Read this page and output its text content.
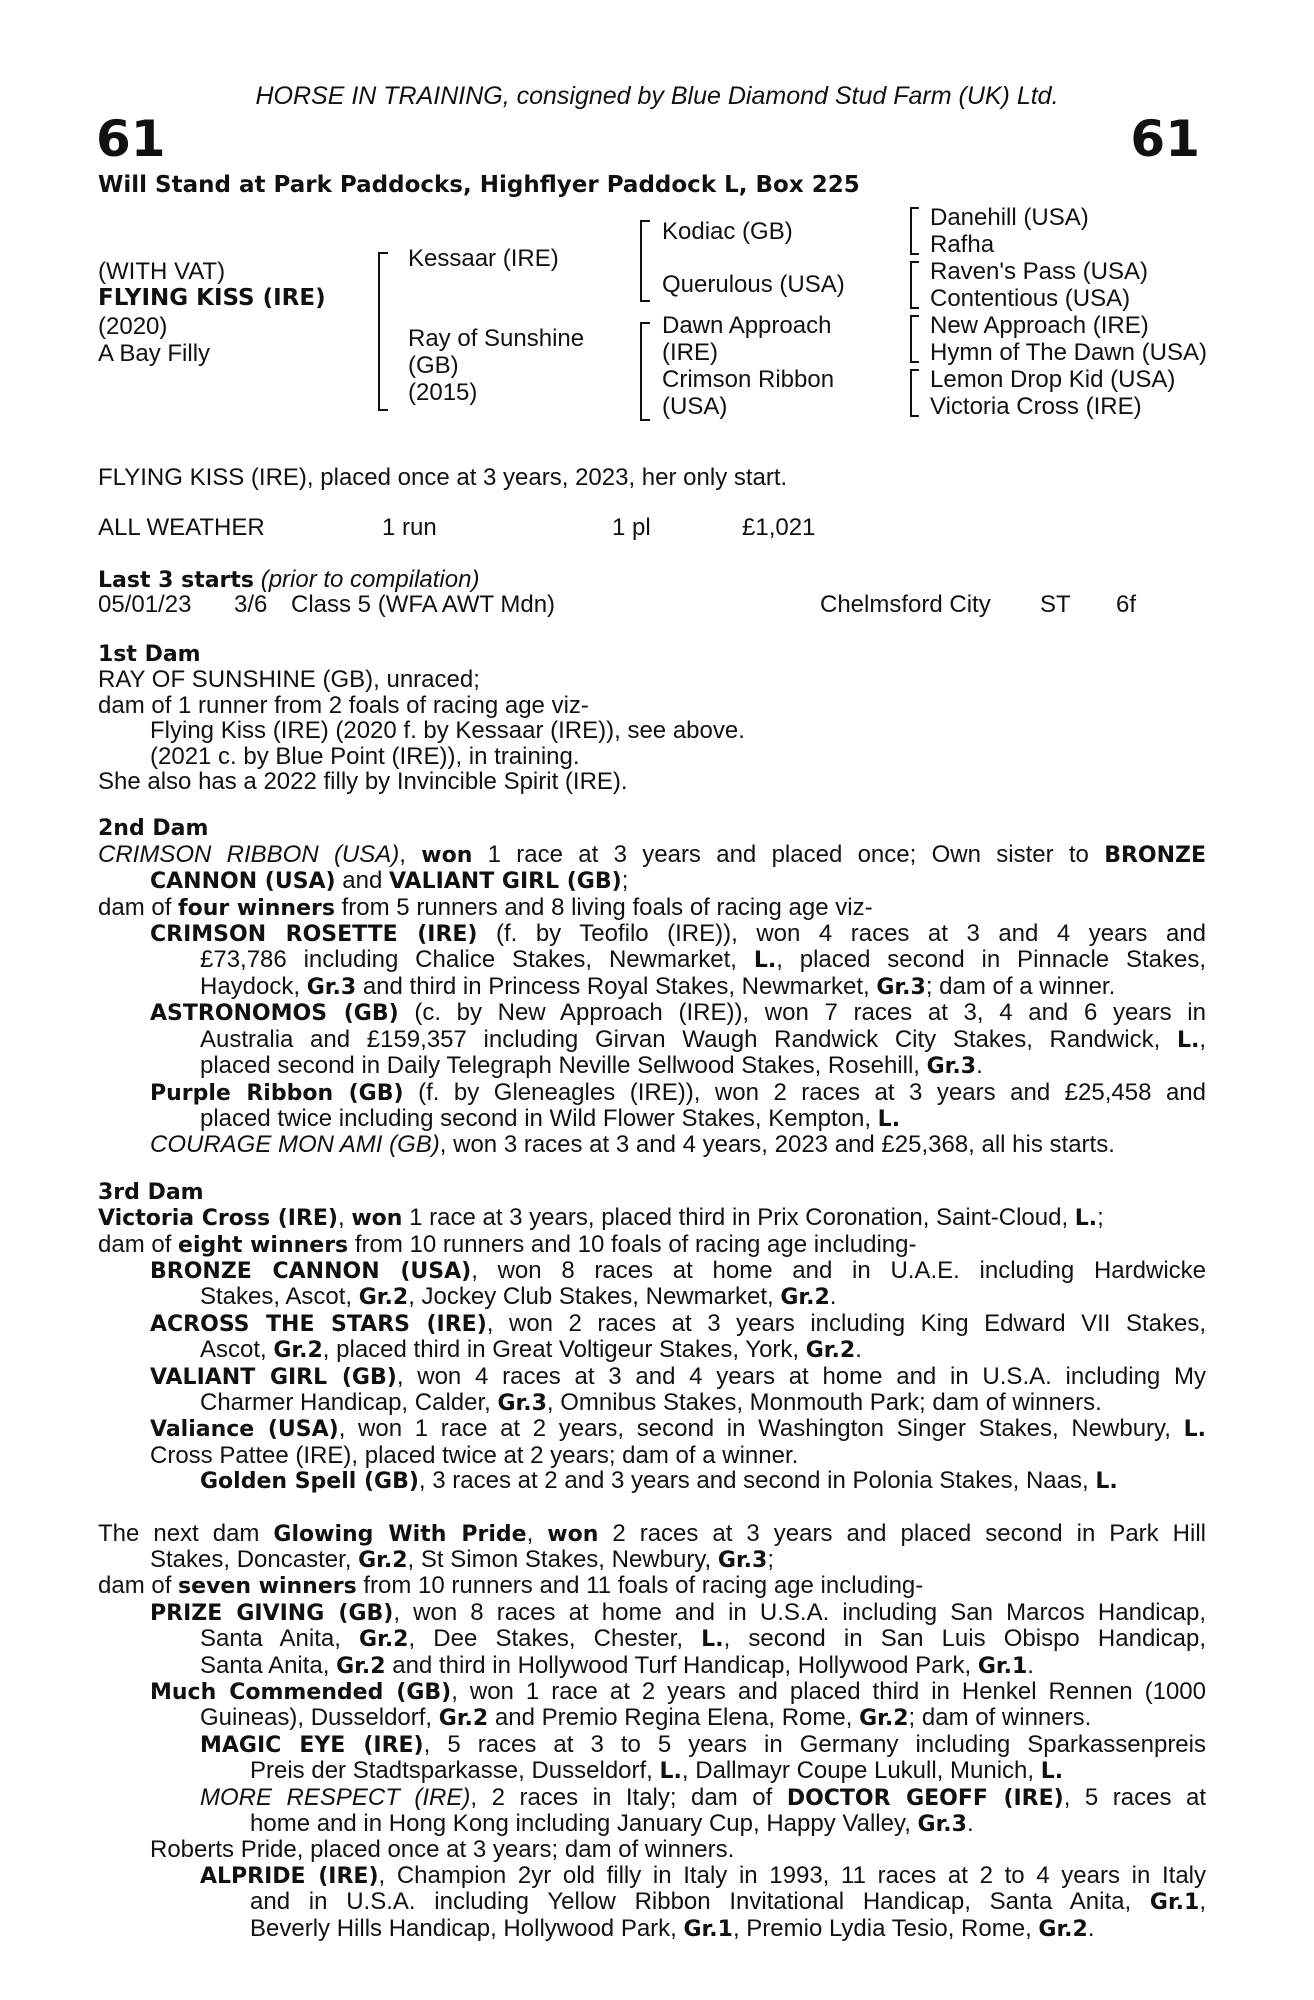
HORSE IN TRAINING, consigned by Blue Diamond Stud Farm (UK) Ltd.
61	61
Will Stand at Park Paddocks, Highflyer Paddock L, Box 225
(WITH VAT)
FLYING KISS (IRE)
(2020)
A Bay Filly
Kessaar (IRE)
Ray of Sunshine
(GB)
(2015)
Kodiac (GB)
Querulous (USA)
Dawn Approach
(IRE)
Crimson Ribbon
(USA)
Danehill (USA)
Rafha
Raven's Pass (USA)
Contentious (USA)
New Approach (IRE)
Hymn of The Dawn (USA)
Lemon Drop Kid (USA)
Victoria Cross (IRE)
FLYING KISS (IRE), placed once at 3 years, 2023, her only start.
ALL WEATHER	1 run	1 pl	£1,021
Last 3 starts (prior to compilation)
05/01/23 3/6 Class 5 (WFA AWT Mdn)	Chelmsford City ST 6f
1st Dam
RAY OF SUNSHINE (GB), unraced;
dam of 1 runner from 2 foals of racing age viz-
Flying Kiss (IRE) (2020 f. by Kessaar (IRE)), see above.
(2021 c. by Blue Point (IRE)), in training.
She also has a 2022 filly by Invincible Spirit (IRE).
2nd Dam
CRIMSON RIBBON (USA), won 1 race at 3 years and placed once; Own sister to BRONZE
CANNON (USA) and VALIANT GIRL (GB);
dam of four winners from 5 runners and 8 living foals of racing age viz-
CRIMSON ROSETTE (IRE) (f. by Teofilo (IRE)), won 4 races at 3 and 4 years and
£73,786 including Chalice Stakes, Newmarket, L., placed second in Pinnacle Stakes,
Haydock, Gr.3 and third in Princess Royal Stakes, Newmarket, Gr.3; dam of a winner.
ASTRONOMOS (GB) (c. by New Approach (IRE)), won 7 races at 3, 4 and 6 years in
Australia and £159,357 including Girvan Waugh Randwick City Stakes, Randwick, L.,
placed second in Daily Telegraph Neville Sellwood Stakes, Rosehill, Gr.3.
Purple Ribbon (GB) (f. by Gleneagles (IRE)), won 2 races at 3 years and £25,458 and
placed twice including second in Wild Flower Stakes, Kempton, L.
COURAGE MON AMI (GB), won 3 races at 3 and 4 years, 2023 and £25,368, all his starts.
3rd Dam
Victoria Cross (IRE), won 1 race at 3 years, placed third in Prix Coronation, Saint-Cloud, L.;
dam of eight winners from 10 runners and 10 foals of racing age including-
BRONZE CANNON (USA), won 8 races at home and in U.A.E. including Hardwicke
Stakes, Ascot, Gr.2, Jockey Club Stakes, Newmarket, Gr.2.
ACROSS THE STARS (IRE), won 2 races at 3 years including King Edward VII Stakes,
Ascot, Gr.2, placed third in Great Voltigeur Stakes, York, Gr.2.
VALIANT GIRL (GB), won 4 races at 3 and 4 years at home and in U.S.A. including My
Charmer Handicap, Calder, Gr.3, Omnibus Stakes, Monmouth Park; dam of winners.
Valiance (USA), won 1 race at 2 years, second in Washington Singer Stakes, Newbury, L.
Cross Pattee (IRE), placed twice at 2 years; dam of a winner.
Golden Spell (GB), 3 races at 2 and 3 years and second in Polonia Stakes, Naas, L.
The next dam Glowing With Pride, won 2 races at 3 years and placed second in Park Hill
Stakes, Doncaster, Gr.2, St Simon Stakes, Newbury, Gr.3;
dam of seven winners from 10 runners and 11 foals of racing age including-
PRIZE GIVING (GB), won 8 races at home and in U.S.A. including San Marcos Handicap,
Santa Anita, Gr.2, Dee Stakes, Chester, L., second in San Luis Obispo Handicap,
Santa Anita, Gr.2 and third in Hollywood Turf Handicap, Hollywood Park, Gr.1.
Much Commended (GB), won 1 race at 2 years and placed third in Henkel Rennen (1000
Guineas), Dusseldorf, Gr.2 and Premio Regina Elena, Rome, Gr.2; dam of winners.
MAGIC EYE (IRE), 5 races at 3 to 5 years in Germany including Sparkassenpreis
Preis der Stadtsparkasse, Dusseldorf, L., Dallmayr Coupe Lukull, Munich, L.
MORE RESPECT (IRE), 2 races in Italy; dam of DOCTOR GEOFF (IRE), 5 races at
home and in Hong Kong including January Cup, Happy Valley, Gr.3.
Roberts Pride, placed once at 3 years; dam of winners.
ALPRIDE (IRE), Champion 2yr old filly in Italy in 1993, 11 races at 2 to 4 years in Italy
and in U.S.A. including Yellow Ribbon Invitational Handicap, Santa Anita, Gr.1,
Beverly Hills Handicap, Hollywood Park, Gr.1, Premio Lydia Tesio, Rome, Gr.2.
